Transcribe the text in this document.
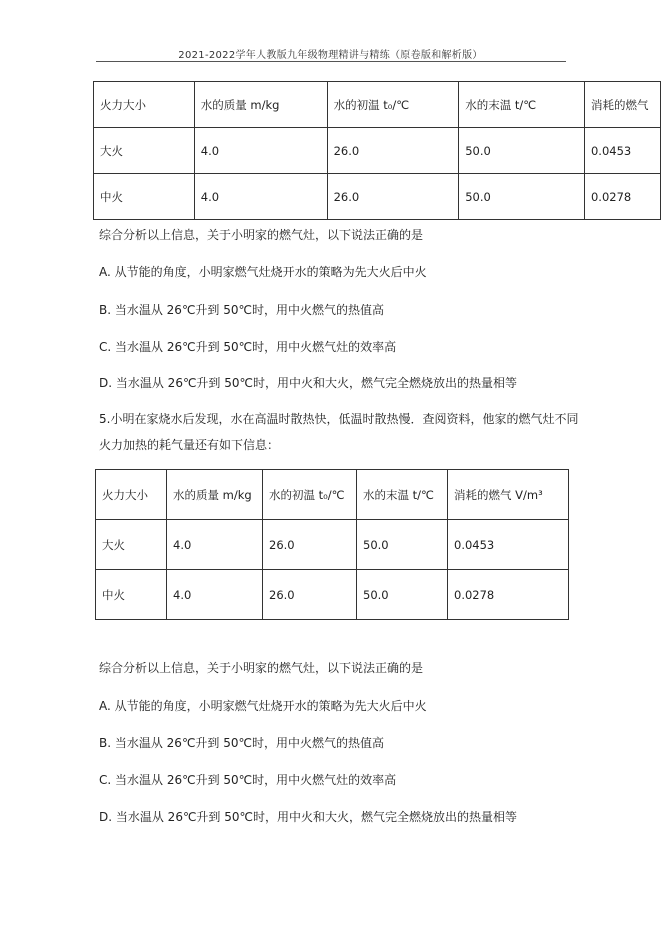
2021-2022学年人教版九年级物理精讲与精练（原卷版和解析版）
火力大小	水的质量 m/kg	水的初温 t₀/℃	水的末温 t/℃	消耗的燃气
大火	4.0	26.0	50.0	0.0453
中火	4.0	26.0	50.0	0.0278
综合分析以上信息，关于小明家的燃气灶，以下说法正确的是
A. 从节能的角度，小明家燃气灶烧开水的策略为先大火后中火
B. 当水温从 26℃升到 50℃时，用中火燃气的热值高
C. 当水温从 26℃升到 50℃时，用中火燃气灶的效率高
D. 当水温从 26℃升到 50℃时，用中火和大火，燃气完全燃烧放出的热量相等
5.小明在家烧水后发现，水在高温时散热快，低温时散热慢．查阅资料，他家的燃气灶不同
火力加热的耗气量还有如下信息：
火力大小	水的质量 m/kg	水的初温 t₀/℃	水的末温 t/℃	消耗的燃气 V/m³
大火	4.0	26.0	50.0	0.0453
中火	4.0	26.0	50.0	0.0278
综合分析以上信息，关于小明家的燃气灶，以下说法正确的是
A. 从节能的角度，小明家燃气灶烧开水的策略为先大火后中火
B. 当水温从 26℃升到 50℃时，用中火燃气的热值高
C. 当水温从 26℃升到 50℃时，用中火燃气灶的效率高
D. 当水温从 26℃升到 50℃时，用中火和大火，燃气完全燃烧放出的热量相等
